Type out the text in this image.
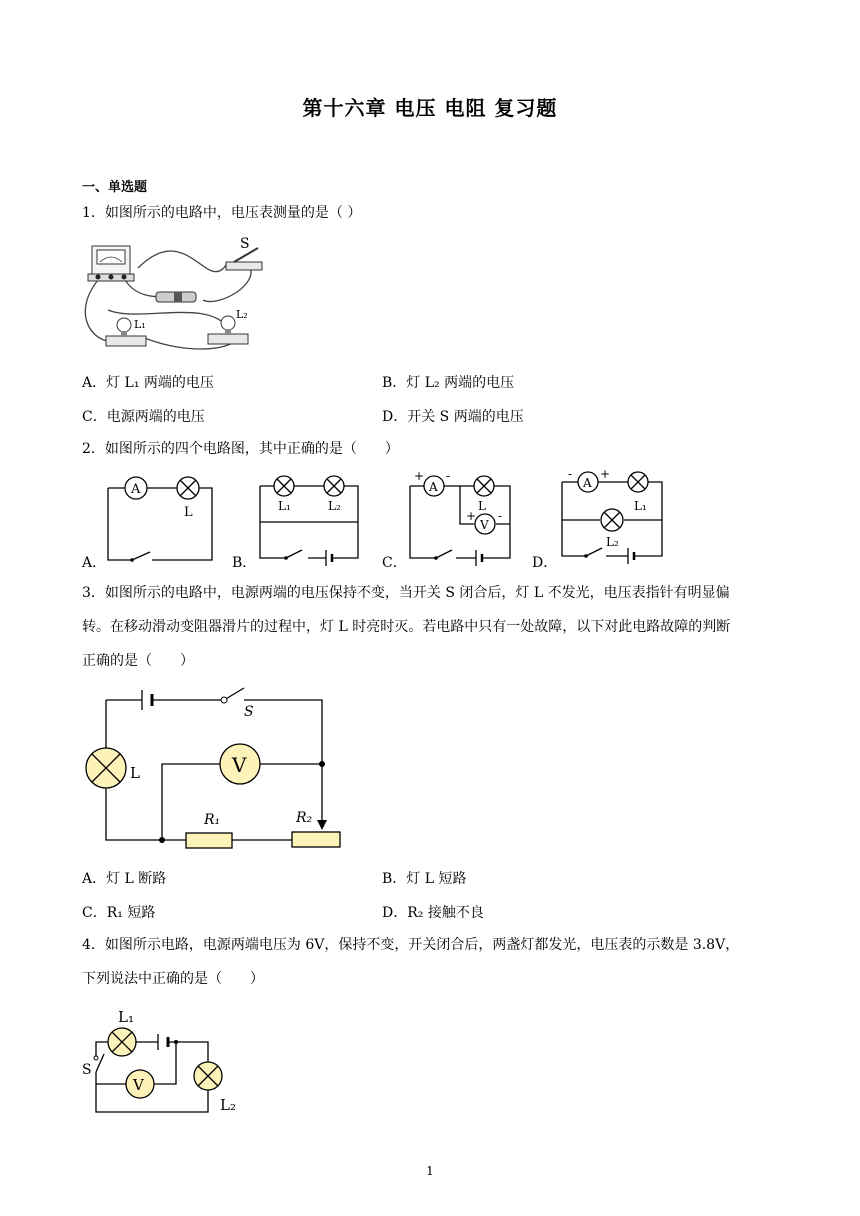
第十六章 电压 电阻 复习题
一、单选题
1．如图所示的电路中，电压表测量的是（ ）
S
L₁
L₂
A．灯 L₁ 两端的电压	B．灯 L₂ 两端的电压
C．电源两端的电压	D．开关 S 两端的电压
2．如图所示的四个电路图，其中正确的是（　　）
A．	B．	C．	D．
A
L	L₁	L₂
A
+ -
L
V
+ -
A
- +
L₁
L₂
3．如图所示的电路中，电源两端的电压保持不变，当开关 S 闭合后，灯 L 不发光，电压表指针有明显偏
转。在移动滑动变阻器滑片的过程中，灯 L 时亮时灭。若电路中只有一处故障，以下对此电路故障的判断
正确的是（　　）
S
L	V
R₁	R₂
A．灯 L 断路	B．灯 L 短路
C．R₁ 短路	D．R₂ 接触不良
4．如图所示电路，电源两端电压为 6V，保持不变，开关闭合后，两盏灯都发光，电压表的示数是 3.8V，
下列说法中正确的是（　　）
L₁
L₂
V
S
1
